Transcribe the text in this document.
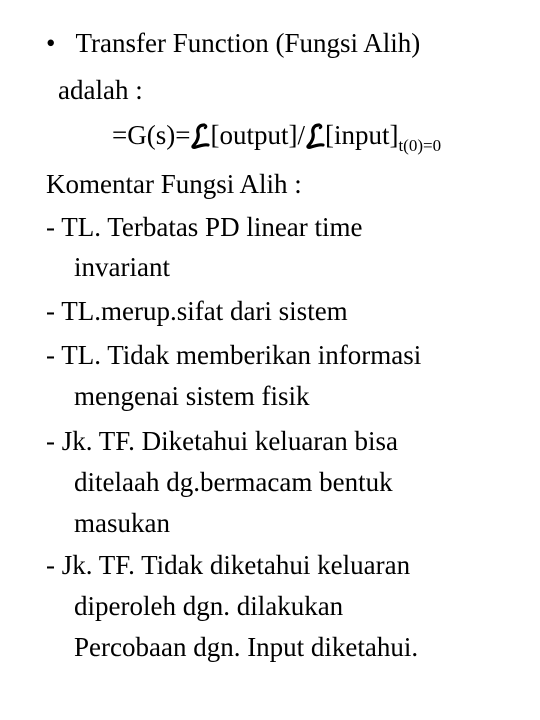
• Transfer Function (Fungsi Alih)
adalah :
=G(s)= [output]/ $[input]_{t(0)=0}$
Komentar Fungsi Alih :
- TL. Terbatas PD linear time
invariant
- TL.merup.sifat dari sistem
- TL. Tidak memberikan informasi
mengenai sistem fisik
- Jk. TF. Diketahui keluaran bisa
ditelaah dg.bermacam bentuk
masukan
- Jk. TF. Tidak diketahui keluaran
diperoleh dgn. dilakukan
Percobaan dgn. Input diketahui.
